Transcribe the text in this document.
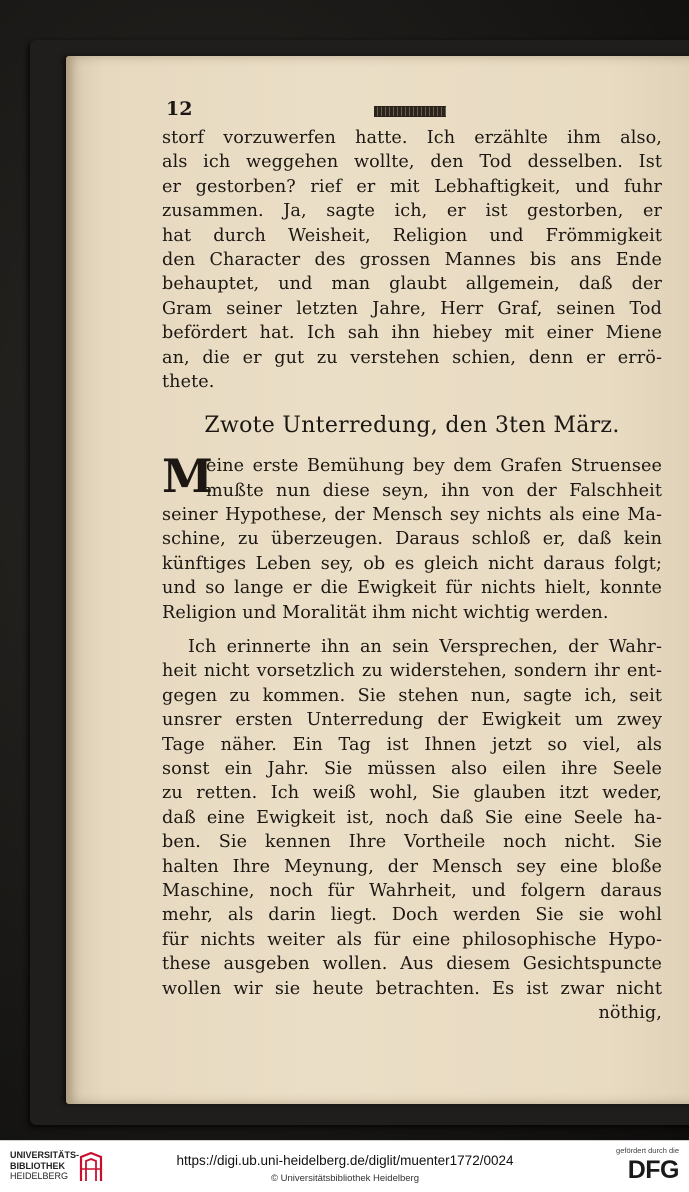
12
storf vorzuwerfen hatte. Ich erzählte ihm also,
als ich weggehen wollte, den Tod desselben. Ist
er gestorben? rief er mit Lebhaftigkeit, und fuhr
zusammen. Ja, sagte ich, er ist gestorben, er
hat durch Weisheit, Religion und Frömmigkeit
den Character des grossen Mannes bis ans Ende
behauptet, und man glaubt allgemein, daß der
Gram seiner letzten Jahre, Herr Graf, seinen Tod
befördert hat. Ich sah ihn hiebey mit einer Miene
an, die er gut zu verstehen schien, denn er errö-
thete.
Zwote Unterredung, den 3ten März.
M
eine erste Bemühung bey dem Grafen Struensee
mußte nun diese seyn, ihn von der Falschheit
seiner Hypothese, der Mensch sey nichts als eine Ma-
schine, zu überzeugen. Daraus schloß er, daß kein
künftiges Leben sey, ob es gleich nicht daraus folgt;
und so lange er die Ewigkeit für nichts hielt, konnte
Religion und Moralität ihm nicht wichtig werden.
Ich erinnerte ihn an sein Versprechen, der Wahr-
heit nicht vorsetzlich zu widerstehen, sondern ihr ent-
gegen zu kommen. Sie stehen nun, sagte ich, seit
unsrer ersten Unterredung der Ewigkeit um zwey
Tage näher. Ein Tag ist Ihnen jetzt so viel, als
sonst ein Jahr. Sie müssen also eilen ihre Seele
zu retten. Ich weiß wohl, Sie glauben itzt weder,
daß eine Ewigkeit ist, noch daß Sie eine Seele ha-
ben. Sie kennen Ihre Vortheile noch nicht. Sie
halten Ihre Meynung, der Mensch sey eine bloße
Maschine, noch für Wahrheit, und folgern daraus
mehr, als darin liegt. Doch werden Sie sie wohl
für nichts weiter als für eine philosophische Hypo-
these ausgeben wollen. Aus diesem Gesichtspuncte
wollen wir sie heute betrachten. Es ist zwar nicht
nöthig,
UNIVERSITÄTS-
BIBLIOTHEK
HEIDELBERG
https://digi.ub.uni-heidelberg.de/diglit/muenter1772/0024
© Universitätsbibliothek Heidelberg
gefördert durch die
DFG
